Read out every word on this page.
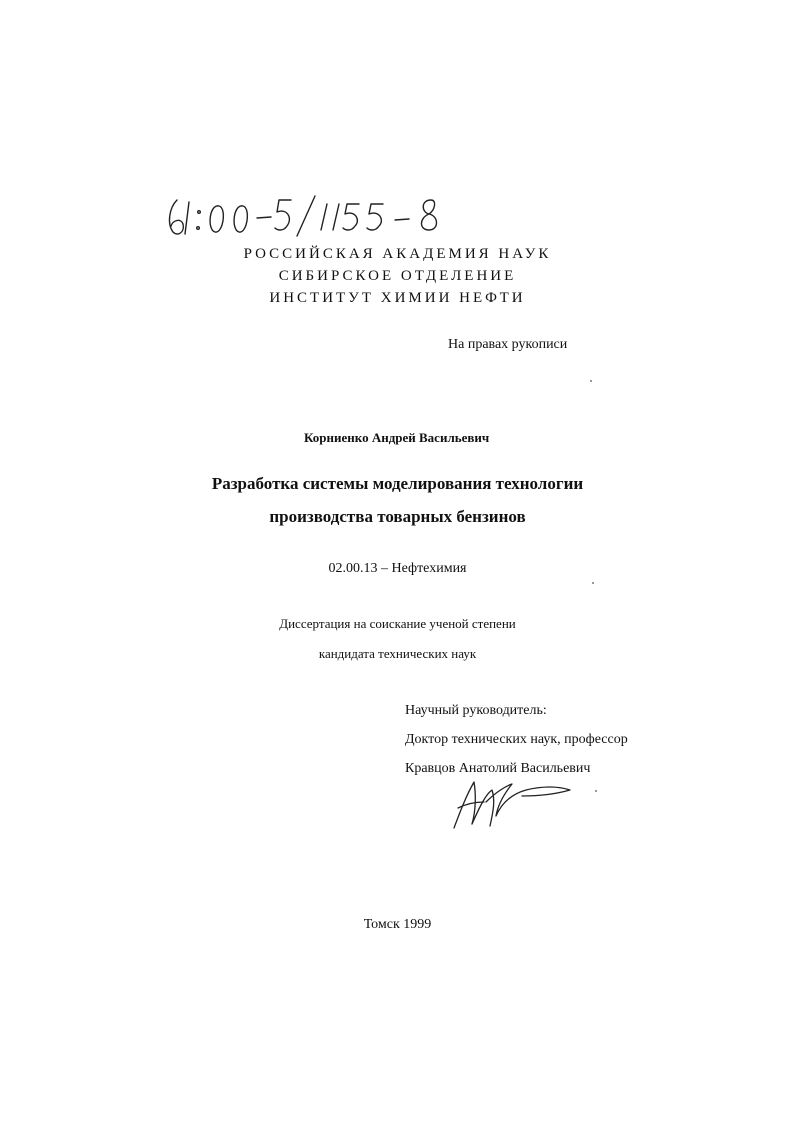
РОССИЙСКАЯ АКАДЕМИЯ НАУК
СИБИРСКОЕ ОТДЕЛЕНИЕ
ИНСТИТУТ ХИМИИ НЕФТИ
На правах рукописи
Корниенко Андрей Васильевич
Разработка системы моделирования технологии
производства товарных бензинов
02.00.13 – Нефтехимия
Диссертация на соискание ученой степени
кандидата технических наук
Научный руководитель:
Доктор технических наук, профессор
Кравцов Анатолий Васильевич
Томск 1999
